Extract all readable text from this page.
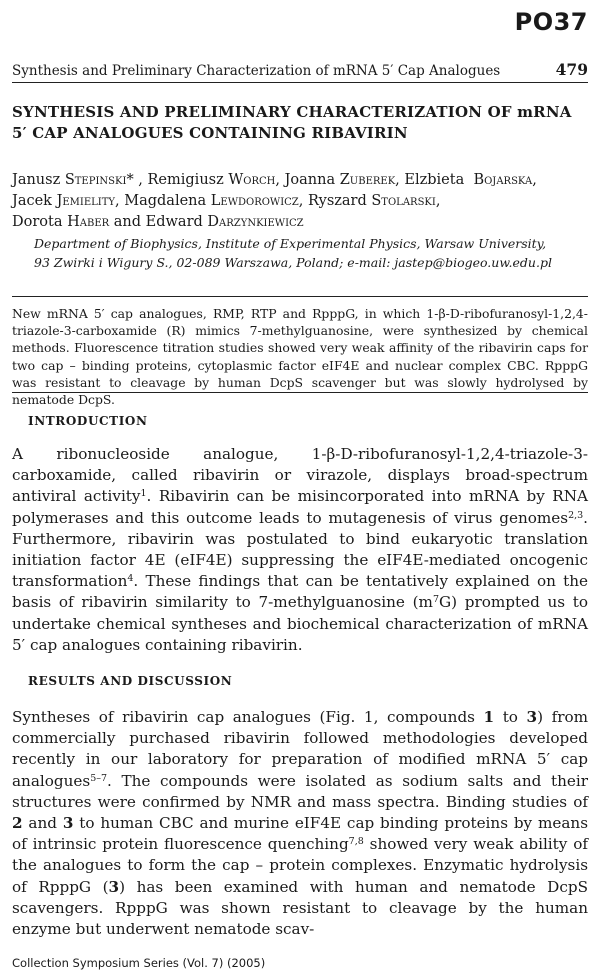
PO37
Synthesis and Preliminary Characterization of mRNA 5′ Cap Analogues	479
SYNTHESIS AND PRELIMINARY CHARACTERIZATION OF mRNA 5′ CAP ANALOGUES CONTAINING RIBAVIRIN
Janusz Stepinski* , Remigiusz Worch, Joanna Zuberek, Elzbieta Bojarska,
Jacek Jemielity, Magdalena Lewdorowicz, Ryszard Stolarski,
Dorota Haber and Edward Darzynkiewicz
Department of Biophysics, Institute of Experimental Physics, Warsaw University,
93 Zwirki i Wigury S., 02-089 Warszawa, Poland; e-mail: jastep@biogeo.uw.edu.pl
New mRNA 5′ cap analogues, RMP, RTP and RpppG, in which 1-β-D-ribofuranosyl-1,2,4-triazole-3-carboxamide (R) mimics 7-methylguanosine, were synthesized by chemical methods. Fluorescence titration studies showed very weak affinity of the ribavirin caps for two cap – binding proteins, cytoplasmic factor eIF4E and nuclear complex CBC. RpppG was resistant to cleavage by human DcpS scavenger but was slowly hydrolysed by nematode DcpS.
INTRODUCTION
A ribonucleoside analogue, 1-β-D-ribofuranosyl-1,2,4-triazole-3-carboxamide, called ribavirin or virazole, displays broad-spectrum antiviral activity$^1$. Ribavirin can be misincorporated into mRNA by RNA polymerases and this outcome leads to mutagenesis of virus genomes$^{2,3}$. Furthermore, ribavirin was postulated to bind eukaryotic translation initiation factor 4E (eIF4E) suppressing the eIF4E-mediated oncogenic transformation$^4$. These findings that can be tentatively explained on the basis of ribavirin similarity to 7-methylguanosine $(m^7G)$ prompted us to undertake chemical syntheses and biochemical characterization of mRNA 5′ cap analogues containing ribavirin.
RESULTS AND DISCUSSION
Syntheses of ribavirin cap analogues (Fig. 1, compounds 1 to 3) from commercially purchased ribavirin followed methodologies developed recently in our laboratory for preparation of modified mRNA 5′ cap analogues$^{5-7}$. The compounds were isolated as sodium salts and their structures were confirmed by NMR and mass spectra. Binding studies of 2 and 3 to human CBC and murine eIF4E cap binding proteins by means of intrinsic protein fluorescence quenching$^{7,8}$ showed very weak ability of the analogues to form the cap – protein complexes. Enzymatic hydrolysis of RpppG (3) has been examined with human and nematode DcpS scavengers. RpppG was shown resistant to cleavage by the human enzyme but underwent nematode scav-
Collection Symposium Series (Vol. 7) (2005)
